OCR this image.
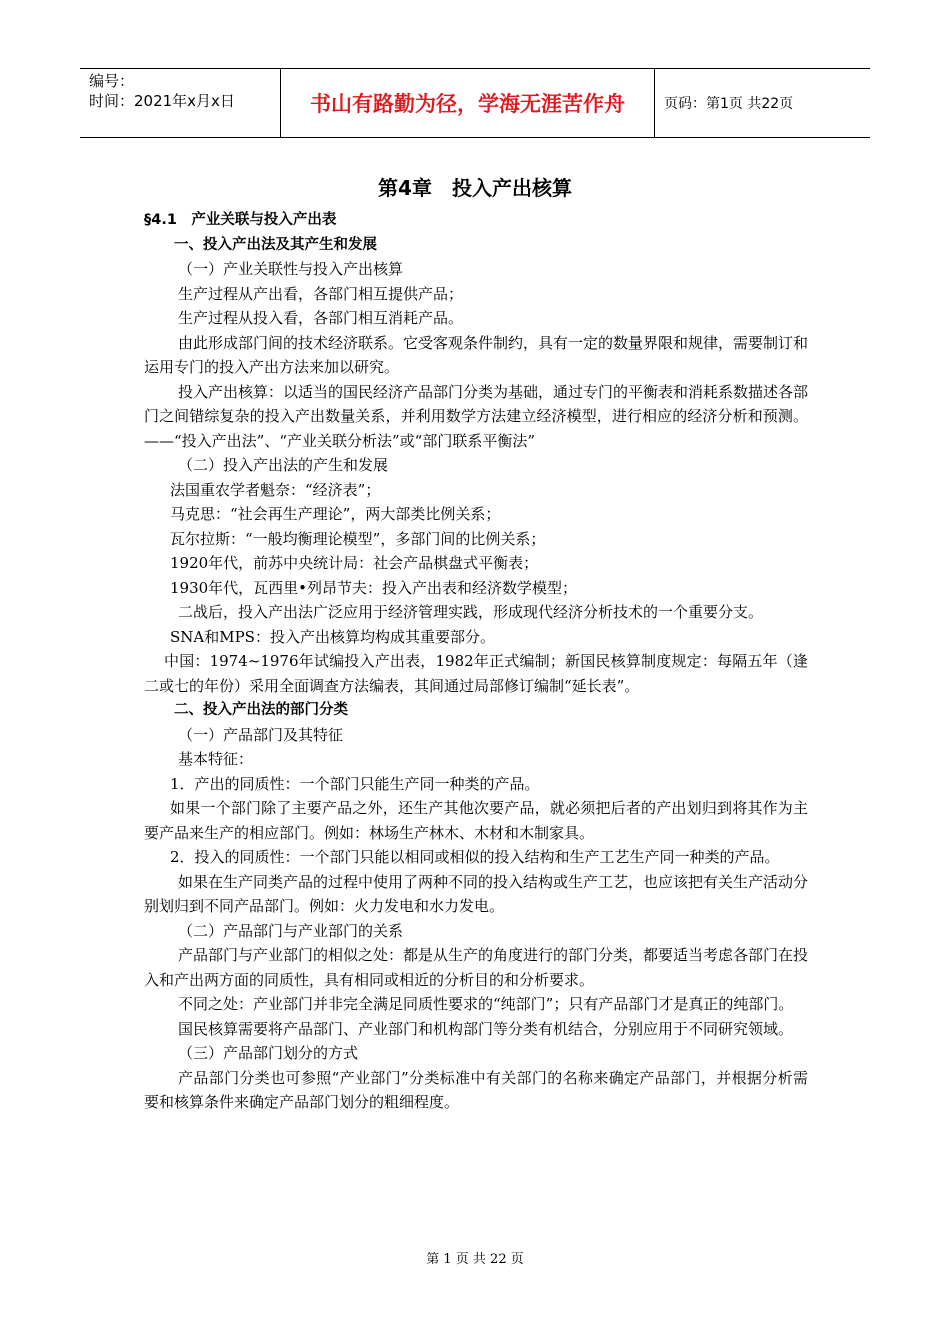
编号：
时间：2021年x月x日	书山有路勤为径，学海无涯苦作舟	页码：第1页 共22页
第4章　投入产出核算

§4.1　产业关联与投入产出表

一、投入产出法及其产生和发展

（一）产业关联性与投入产出核算

生产过程从产出看，各部门相互提供产品；

生产过程从投入看，各部门相互消耗产品。

由此形成部门间的技术经济联系。它受客观条件制约，具有一定的数量界限和规律，需要制订和运用专门的投入产出方法来加以研究。

投入产出核算：以适当的国民经济产品部门分类为基础，通过专门的平衡表和消耗系数描述各部门之间错综复杂的投入产出数量关系，并利用数学方法建立经济模型，进行相应的经济分析和预测。——“投入产出法”、“产业关联分析法”或“部门联系平衡法”

（二）投入产出法的产生和发展

法国重农学者魁奈：“经济表”；

马克思：“社会再生产理论”，两大部类比例关系；

瓦尔拉斯：“一般均衡理论模型”，多部门间的比例关系；

1920年代，前苏中央统计局：社会产品棋盘式平衡表；

1930年代，瓦西里•列昂节夫：投入产出表和经济数学模型；

二战后，投入产出法广泛应用于经济管理实践，形成现代经济分析技术的一个重要分支。

SNA和MPS：投入产出核算均构成其重要部分。

中国：1974~1976年试编投入产出表，1982年正式编制；新国民核算制度规定：每隔五年（逢二或七的年份）采用全面调查方法编表，其间通过局部修订编制“延长表”。

二、投入产出法的部门分类

（一）产品部门及其特征

基本特征：

1．产出的同质性：一个部门只能生产同一种类的产品。

如果一个部门除了主要产品之外，还生产其他次要产品，就必须把后者的产出划归到将其作为主要产品来生产的相应部门。例如：林场生产林木、木材和木制家具。

2．投入的同质性：一个部门只能以相同或相似的投入结构和生产工艺生产同一种类的产品。

如果在生产同类产品的过程中使用了两种不同的投入结构或生产工艺，也应该把有关生产活动分别划归到不同产品部门。例如：火力发电和水力发电。

（二）产品部门与产业部门的关系

产品部门与产业部门的相似之处：都是从生产的角度进行的部门分类，都要适当考虑各部门在投入和产出两方面的同质性，具有相同或相近的分析目的和分析要求。

不同之处：产业部门并非完全满足同质性要求的“纯部门”；只有产品部门才是真正的纯部门。

国民核算需要将产品部门、产业部门和机构部门等分类有机结合，分别应用于不同研究领域。

（三）产品部门划分的方式

产品部门分类也可参照“产业部门”分类标准中有关部门的名称来确定产品部门，并根据分析需要和核算条件来确定产品部门划分的粗细程度。

第 1 页 共 22 页
